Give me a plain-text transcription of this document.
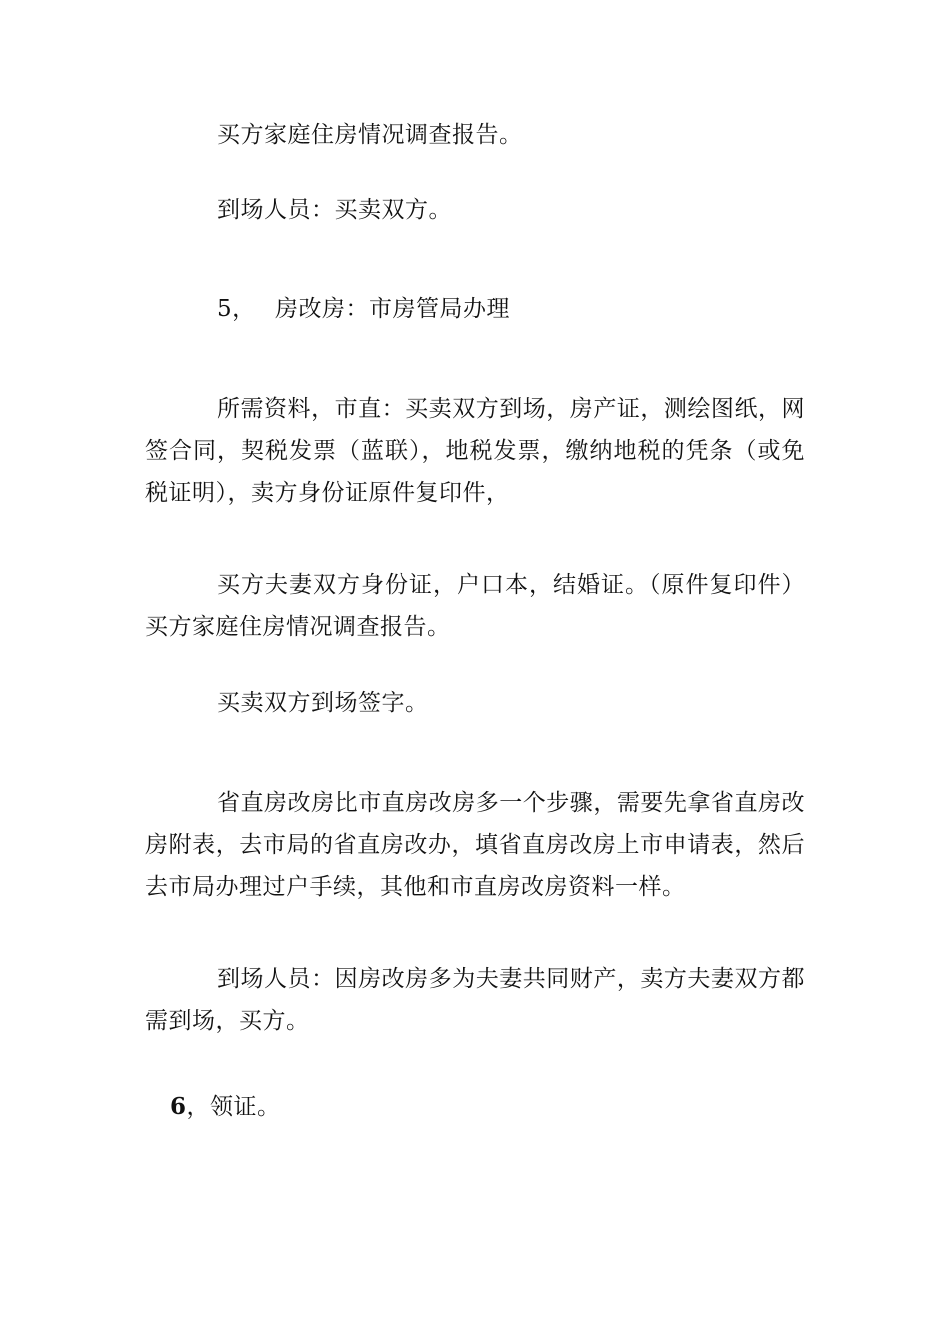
买方家庭住房情况调查报告。

到场人员：买卖双方。

5， 房改房：市房管局办理

所需资料，市直：买卖双方到场，房产证，测绘图纸，网签合同，契税发票（蓝联），地税发票，缴纳地税的凭条（或免税证明），卖方身份证原件复印件，

买方夫妻双方身份证，户口本，结婚证。（原件复印件）买方家庭住房情况调查报告。

买卖双方到场签字。

省直房改房比市直房改房多一个步骤，需要先拿省直房改房附表，去市局的省直房改办，填省直房改房上市申请表，然后去市局办理过户手续，其他和市直房改房资料一样。

到场人员：因房改房多为夫妻共同财产，卖方夫妻双方都需到场，买方。

6，领证。
